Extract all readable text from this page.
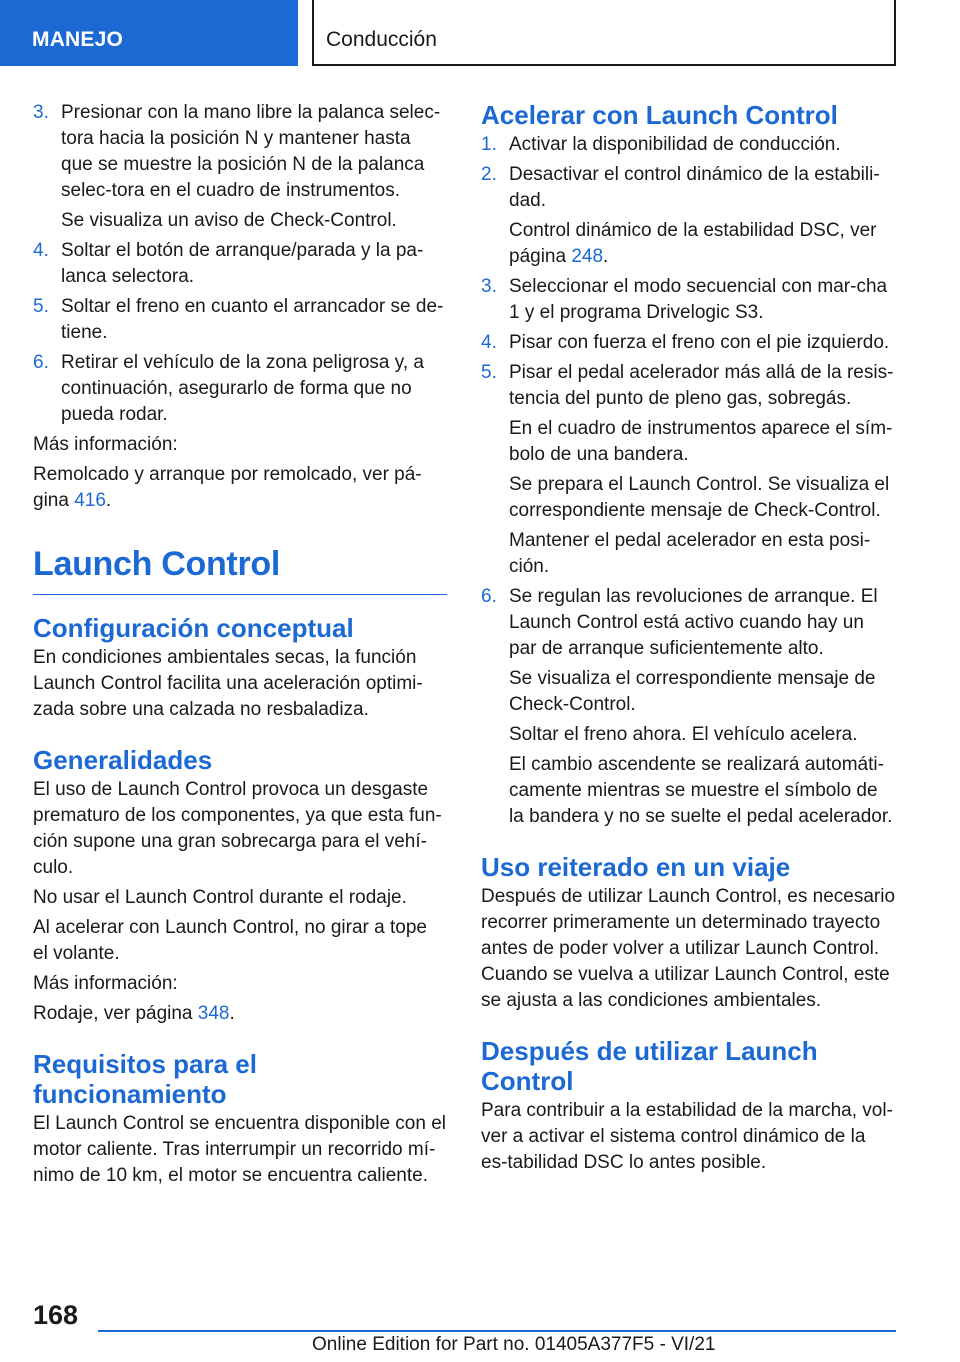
MANEJO	Conducción
3. Presionar con la mano libre la palanca selec-tora hacia la posición N y mantener hasta que se muestre la posición N de la palanca selec-tora en el cuadro de instrumentos.
Se visualiza un aviso de Check-Control.
4. Soltar el botón de arranque/parada y la pa-lanca selectora.
5. Soltar el freno en cuanto el arrancador se de-tiene.
6. Retirar el vehículo de la zona peligrosa y, a continuación, asegurarlo de forma que no pueda rodar.

Más información:

Remolcado y arranque por remolcado, ver pá-gina 416.

Launch Control
Configuración conceptual

En condiciones ambientales secas, la función Launch Control facilita una aceleración optimi-zada sobre una calzada no resbaladiza.

Generalidades

El uso de Launch Control provoca un desgaste prematuro de los componentes, ya que esta fun-ción supone una gran sobrecarga para el vehí-culo.

No usar el Launch Control durante el rodaje.

Al acelerar con Launch Control, no girar a tope el volante.

Más información:

Rodaje, ver página 348.

Requisitos para el funcionamiento

El Launch Control se encuentra disponible con el motor caliente. Tras interrumpir un recorrido mí-nimo de 10 km, el motor se encuentra caliente.

Acelerar con Launch Control
1. Activar la disponibilidad de conducción.
2. Desactivar el control dinámico de la estabili-dad.
Control dinámico de la estabilidad DSC, ver página 248.
3. Seleccionar el modo secuencial con mar-cha 1 y el programa Drivelogic S3.
4. Pisar con fuerza el freno con el pie izquierdo.
5. Pisar el pedal acelerador más allá de la resis-tencia del punto de pleno gas, sobregás.
En el cuadro de instrumentos aparece el sím-bolo de una bandera.
Se prepara el Launch Control. Se visualiza el correspondiente mensaje de Check-Control.
Mantener el pedal acelerador en esta posi-ción.
6. Se regulan las revoluciones de arranque. El Launch Control está activo cuando hay un par de arranque suficientemente alto.
Se visualiza el correspondiente mensaje de Check-Control.
Soltar el freno ahora. El vehículo acelera.
El cambio ascendente se realizará automáti-camente mientras se muestre el símbolo de la bandera y no se suelte el pedal acelerador.
Uso reiterado en un viaje

Después de utilizar Launch Control, es necesario recorrer primeramente un determinado trayecto antes de poder volver a utilizar Launch Control. Cuando se vuelva a utilizar Launch Control, este se ajusta a las condiciones ambientales.

Después de utilizar Launch Control

Para contribuir a la estabilidad de la marcha, vol-ver a activar el sistema control dinámico de la es-tabilidad DSC lo antes posible.

168
Online Edition for Part no. 01405A377F5 - VI/21
